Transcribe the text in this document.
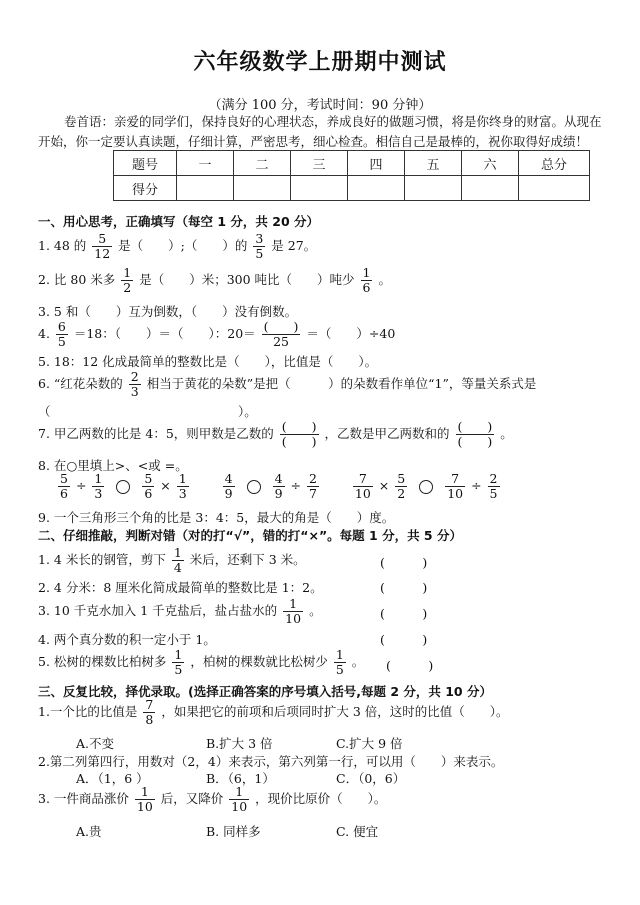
六年级数学上册期中测试
（满分 100 分，考试时间：90 分钟）
卷首语：亲爱的同学们，保持良好的心理状态，养成良好的做题习惯，将是你终身的财富。从现在开始，你一定要认真读题，仔细计算，严密思考，细心检查。相信自己是最棒的，祝你取得好成绩！
题号	一	二	三	四	五	六	总分
得分							
一、用心思考，正确填写（每空 1 分，共 20 分）
1. 48 的 $\frac{5}{12}$ 是（　　）;（　　）的 $\frac{3}{5}$ 是 27。
2. 比 80 米多 $\frac{1}{2}$ 是（　　）米；300 吨比（　　）吨少 $\frac{1}{6}$ 。
3. 5 和（　　）互为倒数，（　　）没有倒数。
4. $\frac{6}{5} =18$：（　　）＝（　　）：$20= \frac{( )}{25}$ ＝（　　）÷40
5. 18：12 化成最简单的整数比是（　　），比值是（　　）。
6. “红花朵数的 $\frac{2}{3}$ 相当于黄花的朵数”是把（　　　）的朵数看作单位“1”，等量关系式是
（　　　　　　　　　　　　　　　）。
7. 甲乙两数的比是 4：5，则甲数是乙数的 $\frac{( )}{( )}$ ，乙数是甲乙两数和的 $\frac{( )}{( )}$ 。
8. 在○里填上>、<或 =。
$\frac{5}{6} \div \frac{1}{3}$
	$\frac{5}{6} \times \frac{1}{3}$
	$\frac{4}{9}$
	$\frac{4}{9} \div \frac{2}{7}$
	$\frac{7}{10} \times \frac{5}{2}$
	$\frac{7}{10} \div \frac{2}{5}$
9. 一个三角形三个角的比是 3：4：5，最大的角是（　　）度。
二、仔细推敲，判断对错（对的打“√”，错的打“×”。每题 1 分，共 5 分）
1. 4 米长的钢管，剪下 $\frac{1}{4}$ 米后，还剩下 3 米。	(　　　)
2. 4 分米：8 厘米化简成最简单的整数比是 1：2。	(　　　)
3. 10 千克水加入 1 千克盐后，盐占盐水的 $\frac{1}{10}$ 。	(　　　)
4. 两个真分数的积一定小于 1。	(　　　)
5. 松树的棵数比柏树多 $\frac{1}{5}$ ，柏树的棵数就比松树少 $\frac{1}{5}$ 。 (　　　)
三、反复比较，择优录取。(选择正确答案的序号填入括号,每题 2 分，共 10 分）
1.一个比的比值是 $\frac{7}{8}$ ，如果把它的前项和后项同时扩大 3 倍，这时的比值（　　）。
A.不变	B.扩大 3 倍	C.扩大 9 倍
2.第二列第四行，用数对（2，4）来表示，第六列第一行，可以用（　　）来表示。
A．（1，6 ）	B．（6，1）	C．（0，6）
3. 一件商品涨价 $\frac{1}{10}$ 后，又降价 $\frac{1}{10}$ ，现价比原价（　　）。
A.贵	B. 同样多	C. 便宜
